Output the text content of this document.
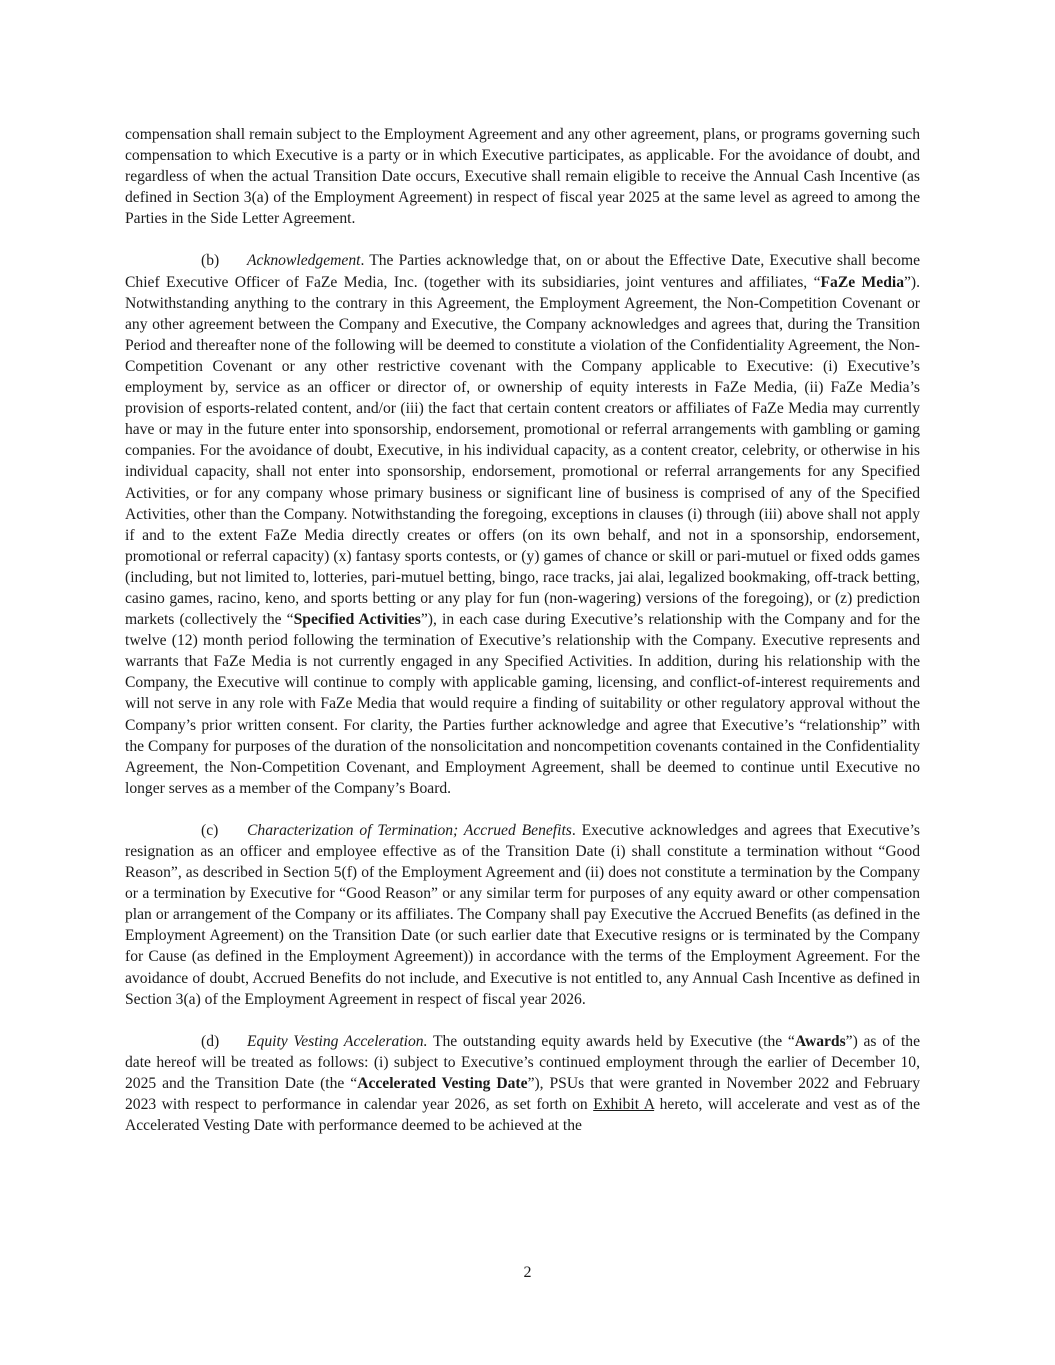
compensation shall remain subject to the Employment Agreement and any other agreement, plans, or programs governing such compensation to which Executive is a party or in which Executive participates, as applicable. For the avoidance of doubt, and regardless of when the actual Transition Date occurs, Executive shall remain eligible to receive the Annual Cash Incentive (as defined in Section 3(a) of the Employment Agreement) in respect of fiscal year 2025 at the same level as agreed to among the Parties in the Side Letter Agreement.

(b) Acknowledgement. The Parties acknowledge that, on or about the Effective Date, Executive shall become Chief Executive Officer of FaZe Media, Inc. (together with its subsidiaries, joint ventures and affiliates, “FaZe Media”). Notwithstanding anything to the contrary in this Agreement, the Employment Agreement, the Non-Competition Covenant or any other agreement between the Company and Executive, the Company acknowledges and agrees that, during the Transition Period and thereafter none of the following will be deemed to constitute a violation of the Confidentiality Agreement, the Non-Competition Covenant or any other restrictive covenant with the Company applicable to Executive: (i) Executive’s employment by, service as an officer or director of, or ownership of equity interests in FaZe Media, (ii) FaZe Media’s provision of esports-related content, and/or (iii) the fact that certain content creators or affiliates of FaZe Media may currently have or may in the future enter into sponsorship, endorsement, promotional or referral arrangements with gambling or gaming companies. For the avoidance of doubt, Executive, in his individual capacity, as a content creator, celebrity, or otherwise in his individual capacity, shall not enter into sponsorship, endorsement, promotional or referral arrangements for any Specified Activities, or for any company whose primary business or significant line of business is comprised of any of the Specified Activities, other than the Company. Notwithstanding the foregoing, exceptions in clauses (i) through (iii) above shall not apply if and to the extent FaZe Media directly creates or offers (on its own behalf, and not in a sponsorship, endorsement, promotional or referral capacity) (x) fantasy sports contests, or (y) games of chance or skill or pari-mutuel or fixed odds games (including, but not limited to, lotteries, pari-mutuel betting, bingo, race tracks, jai alai, legalized bookmaking, off-track betting, casino games, racino, keno, and sports betting or any play for fun (non-wagering) versions of the foregoing), or (z) prediction markets (collectively the “Specified Activities”), in each case during Executive’s relationship with the Company and for the twelve (12) month period following the termination of Executive’s relationship with the Company. Executive represents and warrants that FaZe Media is not currently engaged in any Specified Activities. In addition, during his relationship with the Company, the Executive will continue to comply with applicable gaming, licensing, and conflict-of-interest requirements and will not serve in any role with FaZe Media that would require a finding of suitability or other regulatory approval without the Company’s prior written consent. For clarity, the Parties further acknowledge and agree that Executive’s “relationship” with the Company for purposes of the duration of the nonsolicitation and noncompetition covenants contained in the Confidentiality Agreement, the Non-Competition Covenant, and Employment Agreement, shall be deemed to continue until Executive no longer serves as a member of the Company’s Board.

(c) Characterization of Termination; Accrued Benefits. Executive acknowledges and agrees that Executive’s resignation as an officer and employee effective as of the Transition Date (i) shall constitute a termination without “Good Reason”, as described in Section 5(f) of the Employment Agreement and (ii) does not constitute a termination by the Company or a termination by Executive for “Good Reason” or any similar term for purposes of any equity award or other compensation plan or arrangement of the Company or its affiliates. The Company shall pay Executive the Accrued Benefits (as defined in the Employment Agreement) on the Transition Date (or such earlier date that Executive resigns or is terminated by the Company for Cause (as defined in the Employment Agreement)) in accordance with the terms of the Employment Agreement. For the avoidance of doubt, Accrued Benefits do not include, and Executive is not entitled to, any Annual Cash Incentive as defined in Section 3(a) of the Employment Agreement in respect of fiscal year 2026.

(d) Equity Vesting Acceleration. The outstanding equity awards held by Executive (the “Awards”) as of the date hereof will be treated as follows: (i) subject to Executive’s continued employment through the earlier of December 10, 2025 and the Transition Date (the “Accelerated Vesting Date”), PSUs that were granted in November 2022 and February 2023 with respect to performance in calendar year 2026, as set forth on Exhibit A hereto, will accelerate and vest as of the Accelerated Vesting Date with performance deemed to be achieved at the

2
